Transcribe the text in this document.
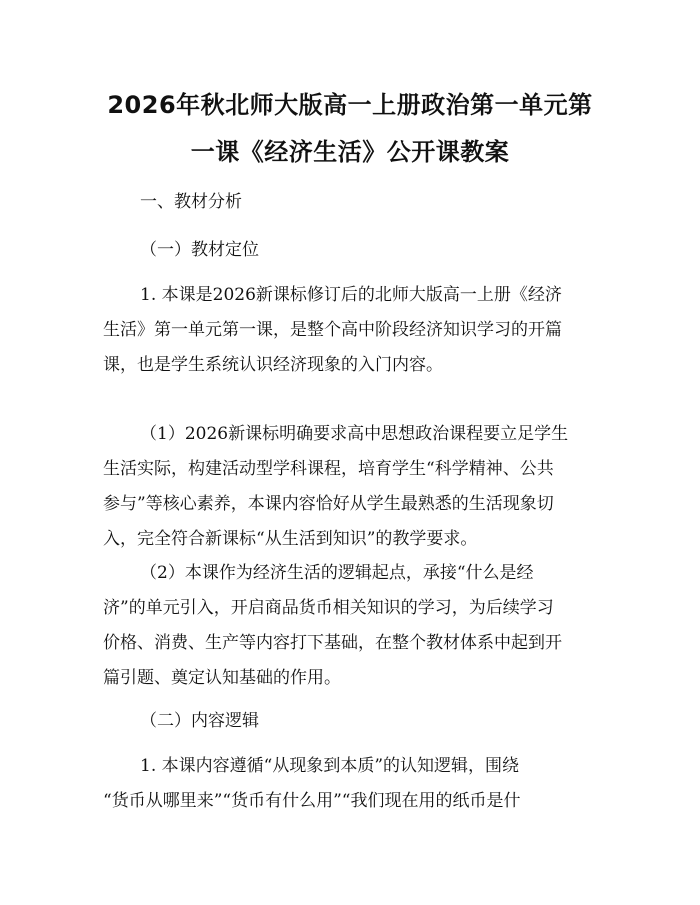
2026年秋北师大版高一上册政治第一单元第
一课《经济生活》公开课教案
一、教材分析
（一）教材定位
1. 本课是2026新课标修订后的北师大版高一上册《经济
生活》第一单元第一课，是整个高中阶段经济知识学习的开篇
课，也是学生系统认识经济现象的入门内容。
（1）2026新课标明确要求高中思想政治课程要立足学生
生活实际，构建活动型学科课程，培育学生“科学精神、公共
参与”等核心素养，本课内容恰好从学生最熟悉的生活现象切
入，完全符合新课标“从生活到知识”的教学要求。
（2）本课作为经济生活的逻辑起点，承接“什么是经
济”的单元引入，开启商品货币相关知识的学习，为后续学习
价格、消费、生产等内容打下基础，在整个教材体系中起到开
篇引题、奠定认知基础的作用。
（二）内容逻辑
1. 本课内容遵循“从现象到本质”的认知逻辑，围绕
“货币从哪里来”“货币有什么用”“我们现在用的纸币是什
